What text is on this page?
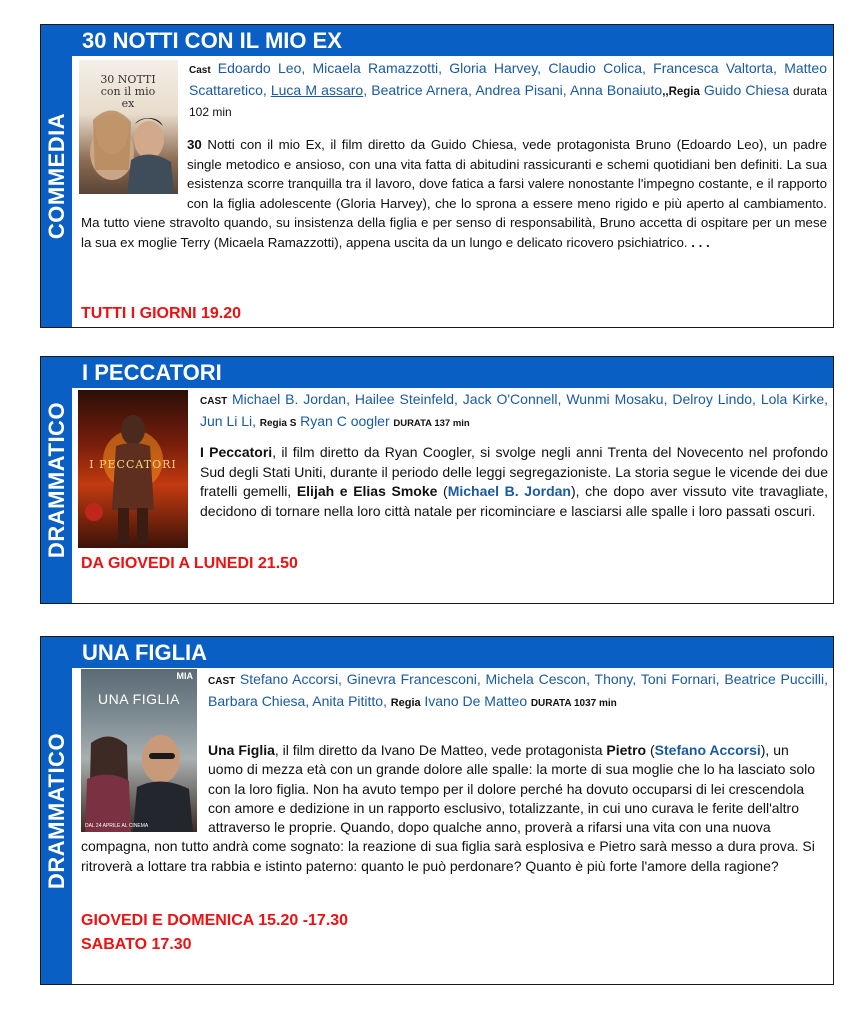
COMMEDIA
30 NOTTI CON IL MIO EX
30 NOTTI con il mio ex
Cast Edoardo Leo, Micaela Ramazzotti, Gloria Harvey, Claudio Colica, Francesca Valtorta, Matteo Scattaretico, Luca M assaro, Beatrice Arnera, Andrea Pisani, Anna Bonaiuto,,Regia Guido Chiesa durata 102 min
30 Notti con il mio Ex, il film diretto da Guido Chiesa, vede protagonista Bruno (Edoardo Leo), un padre single metodico e ansioso, con una vita fatta di abitudini rassicuranti e schemi quotidiani ben definiti. La sua esistenza scorre tranquilla tra il lavoro, dove fatica a farsi valere nonostante l'impegno costante, e il rapporto con la figlia adolescente (Gloria Harvey), che lo sprona a essere meno rigido e più aperto al cambiamento. Ma tutto viene stravolto quando, su insistenza della figlia e per senso di responsabilità, Bruno accetta di ospitare per un mese la sua ex moglie Terry (Micaela Ramazzotti), appena uscita da un lungo e delicato ricovero psichiatrico. . . .
TUTTI I GIORNI 19.20
DRAMMATICO
I PECCATORI
I PECCATORI
CAST Michael B. Jordan, Hailee Steinfeld, Jack O'Connell, Wunmi Mosaku, Delroy Lindo, Lola Kirke, Jun Li Li, Regia S Ryan C oogler DURATA 137 min
I Peccatori, il film diretto da Ryan Coogler, si svolge negli anni Trenta del Novecento nel profondo Sud degli Stati Uniti, durante il periodo delle leggi segregazioniste. La storia segue le vicende dei due fratelli gemelli, Elijah e Elias Smoke (Michael B. Jordan), che dopo aver vissuto vite travagliate, decidono di tornare nella loro città natale per ricominciare e lasciarsi alle spalle i loro passati oscuri.
DA GIOVEDI A LUNEDI 21.50
DRAMMATICO
UNA FIGLIA
MIA
UNA FIGLIA
DAL 24 APRILE AL CINEMA
CAST Stefano Accorsi, Ginevra Francesconi, Michela Cescon, Thony, Toni Fornari, Beatrice Puccilli, Barbara Chiesa, Anita Pititto, Regia Ivano De Matteo DURATA 1037 min
Una Figlia, il film diretto da Ivano De Matteo, vede protagonista Pietro (Stefano Accorsi), un uomo di mezza età con un grande dolore alle spalle: la morte di sua moglie che lo ha lasciato solo con la loro figlia. Non ha avuto tempo per il dolore perché ha dovuto occuparsi di lei crescendola con amore e dedizione in un rapporto esclusivo, totalizzante, in cui uno curava le ferite dell'altro attraverso le proprie. Quando, dopo qualche anno, proverà a rifarsi una vita con una nuova compagna, non tutto andrà come sognato: la reazione di sua figlia sarà esplosiva e Pietro sarà messo a dura prova. Si ritroverà a lottare tra rabbia e istinto paterno: quanto le può perdonare? Quanto è più forte l'amore della ragione?
GIOVEDI E DOMENICA 15.20 -17.30
SABATO 17.30
